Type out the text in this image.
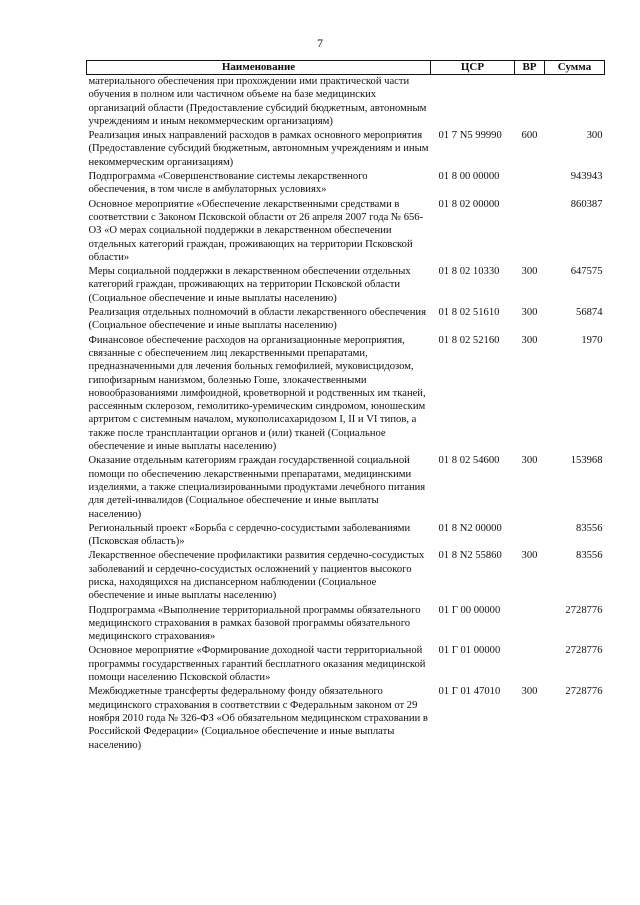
7
Наименование	ЦСР	ВР	Сумма
материального обеспечения при прохождении ими практической части обучения в полном или частичном объеме на базе медицинских организаций области (Предоставление субсидий бюджетным, автономным учреждениям и иным некоммерческим организациям)			
Реализация иных направлений расходов в рамках основного мероприятия (Предоставление субсидий бюджетным, автономным учреждениям и иным некоммерческим организациям)	01 7 N5 99990	600	300
Подпрограмма «Совершенствование системы лекарственного обеспечения, в том числе в амбулаторных условиях»	01 8 00 00000		943943
Основное мероприятие «Обеспечение лекарственными средствами в соответствии с Законом Псковской области от 26 апреля 2007 года № 656-ОЗ «О мерах социальной поддержки в лекарственном обеспечении отдельных категорий граждан, проживающих на территории Псковской области»	01 8 02 00000		860387
Меры социальной поддержки в лекарственном обеспечении отдельных категорий граждан, проживающих на территории Псковской области (Социальное обеспечение и иные выплаты населению)	01 8 02 10330	300	647575
Реализация отдельных полномочий в области лекарственного обеспечения (Социальное обеспечение и иные выплаты населению)	01 8 02 51610	300	56874
Финансовое обеспечение расходов на организационные мероприятия, связанные с обеспечением лиц лекарственными препаратами, предназначенными для лечения больных гемофилией, муковисцидозом, гипофизарным нанизмом, болезнью Гоше, злокачественными новообразованиями лимфоидной, кроветворной и родственных им тканей, рассеянным склерозом, гемолитико-уремическим синдромом, юношеским артритом с системным началом, мукополисахаридозом I, II и VI типов, а также после трансплантации органов и (или) тканей (Социальное обеспечение и иные выплаты населению)	01 8 02 52160	300	1970
Оказание отдельным категориям граждан государственной социальной помощи по обеспечению лекарственными препаратами, медицинскими изделиями, а также специализированными продуктами лечебного питания для детей-инвалидов (Социальное обеспечение и иные выплаты населению)	01 8 02 54600	300	153968
Региональный проект «Борьба с сердечно-сосудистыми заболеваниями (Псковская область)»	01 8 N2 00000		83556
Лекарственное обеспечение профилактики развития сердечно-сосудистых заболеваний и сердечно-сосудистых осложнений у пациентов высокого риска, находящихся на диспансерном наблюдении (Социальное обеспечение и иные выплаты населению)	01 8 N2 55860	300	83556
Подпрограмма «Выполнение территориальной программы обязательного медицинского страхования в рамках базовой программы обязательного медицинского страхования»	01 Г 00 00000		2728776
Основное мероприятие «Формирование доходной части территориальной программы государственных гарантий бесплатного оказания медицинской помощи населению Псковской области»	01 Г 01 00000		2728776
Межбюджетные трансферты федеральному фонду обязательного медицинского страхования в соответствии с Федеральным законом от 29 ноября 2010 года № 326-ФЗ «Об обязательном медицинском страховании в Российской Федерации» (Социальное обеспечение и иные выплаты населению)	01 Г 01 47010	300	2728776
